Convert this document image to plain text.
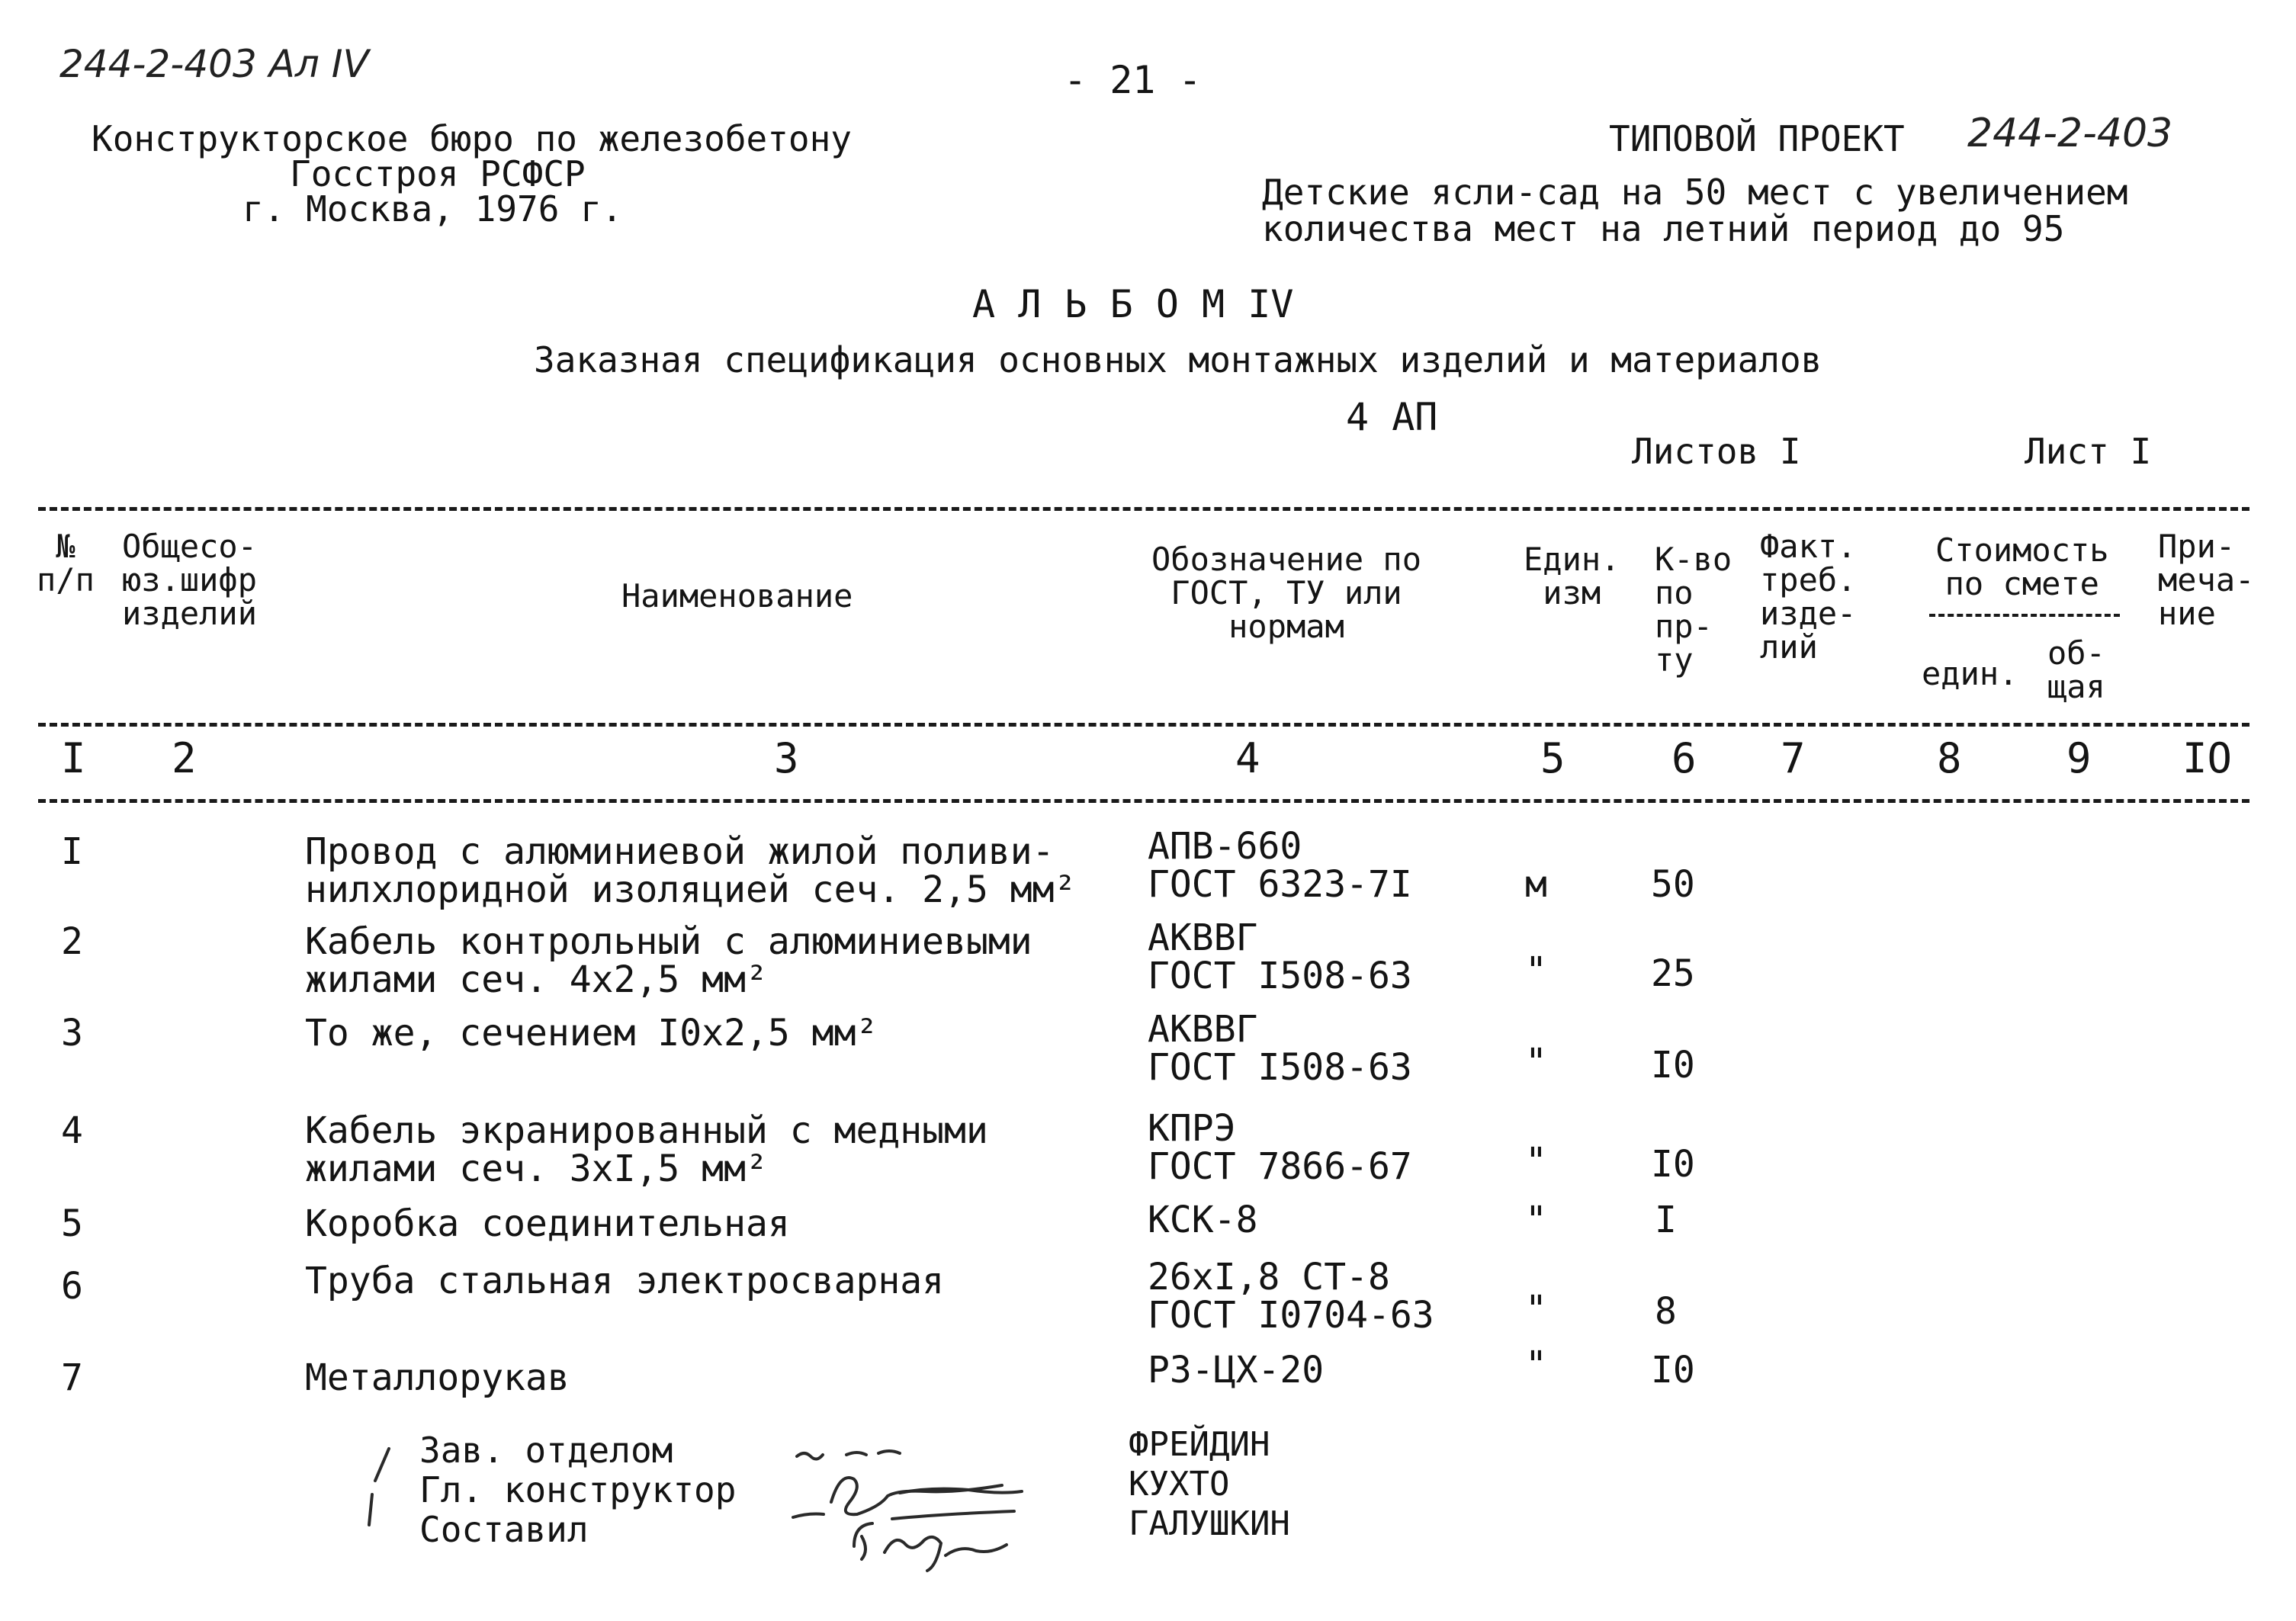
244-2-403 Ал IV	- 21 -
Конструкторское бюро по железобетону
Госстроя РСФСР
г. Москва, 1976 г.
ТИПОВОЙ ПРОЕКТ 244-2-403
Детские ясли-сад на 50 мест с увеличением
количества мест на летний период до 95
А Л Ь Б О М IV
Заказная спецификация основных монтажных изделий и материалов
4 АП
Листов I	Лист I
№
п/п
Общесо-
юз.шифр
изделий	Наименование
Обозначение по
ГОСТ, ТУ или
нормам
Един.
изм
К-во
по
пр-
ту
Факт.
треб.
изде-
лий
Стоимость
по смете
един.
об-
щая
При-
меча-
ние
I 2	3	4	5	6 7	8	9 IO
I	Провод с алюминиевой жилой поливи-
нилхлоридной изоляцией сеч. 2,5 мм²
АПВ-660
ГОСТ 6323-7I	м	50
2	Кабель контрольный с алюминиевыми
жилами сеч. 4х2,5 мм²
АКВВГ
ГОСТ I508-63	"	25
3	То же, сечением I0х2,5 мм²	АКВВГ
ГОСТ I508-63	"	I0
4	Кабель экранированный с медными
жилами сеч. 3хI,5 мм²
КПРЭ
ГОСТ 7866-67	"	I0
5	Коробка соединительная	КСК-8	"	I
6	Труба стальная электросварная	26хI,8 СТ-8
ГОСТ I0704-63 "	8
7	Металлорукав	РЗ-ЦХ-20	"	I0
Зав. отделом
Гл. конструктор
Составил
ФРЕЙДИН
КУХТО
ГАЛУШКИН
